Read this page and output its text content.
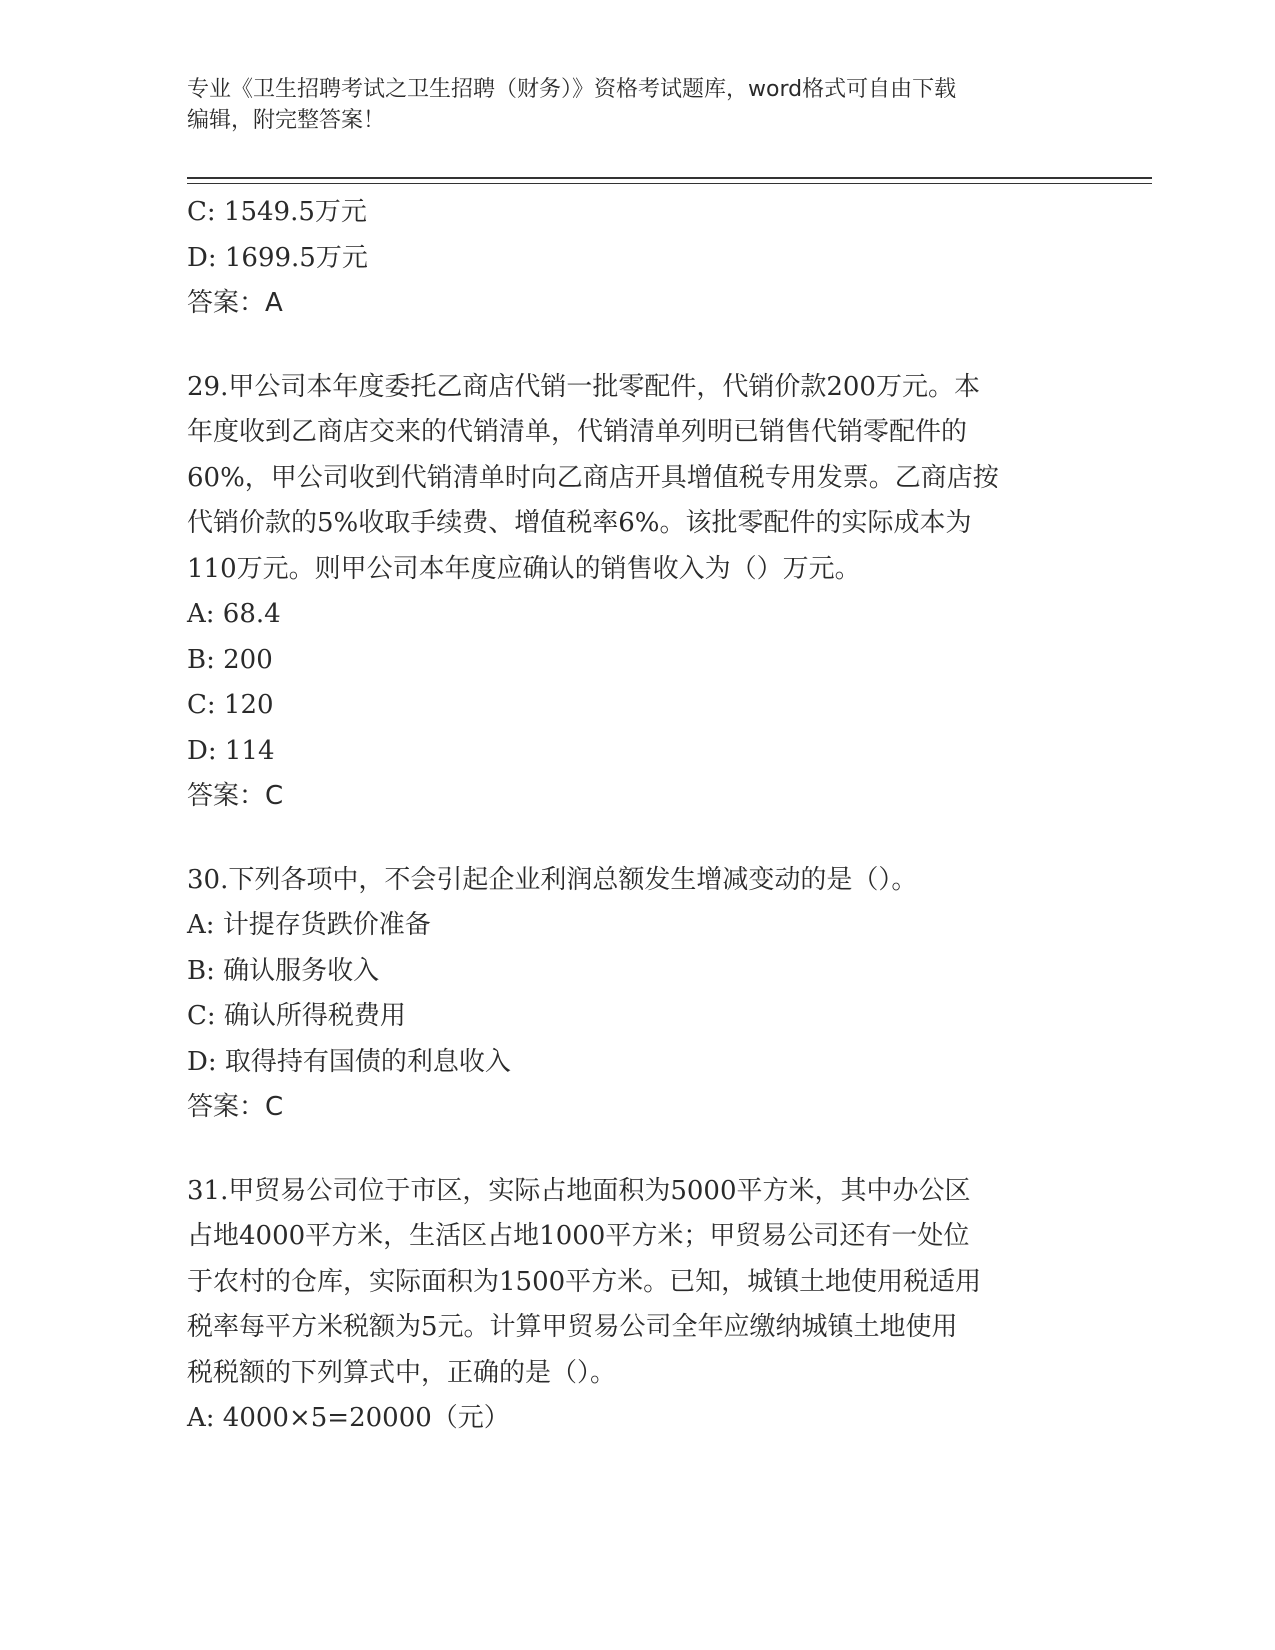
专业《卫生招聘考试之卫生招聘（财务）》资格考试题库，word格式可自由下载
编辑，附完整答案！
C: 1549.5万元
D: 1699.5万元
答案：A
29.甲公司本年度委托乙商店代销一批零配件，代销价款200万元。本
年度收到乙商店交来的代销清单，代销清单列明已销售代销零配件的
60%，甲公司收到代销清单时向乙商店开具增值税专用发票。乙商店按
代销价款的5%收取手续费、增值税率6%。该批零配件的实际成本为
110万元。则甲公司本年度应确认的销售收入为（）万元。
A: 68.4
B: 200
C: 120
D: 114
答案：C
30.下列各项中，不会引起企业利润总额发生增减变动的是（）。
A: 计提存货跌价准备
B: 确认服务收入
C: 确认所得税费用
D: 取得持有国债的利息收入
答案：C
31.甲贸易公司位于市区，实际占地面积为5000平方米，其中办公区
占地4000平方米，生活区占地1000平方米；甲贸易公司还有一处位
于农村的仓库，实际面积为1500平方米。已知，城镇土地使用税适用
税率每平方米税额为5元。计算甲贸易公司全年应缴纳城镇土地使用
税税额的下列算式中，正确的是（）。
A: 4000×5=20000（元）
